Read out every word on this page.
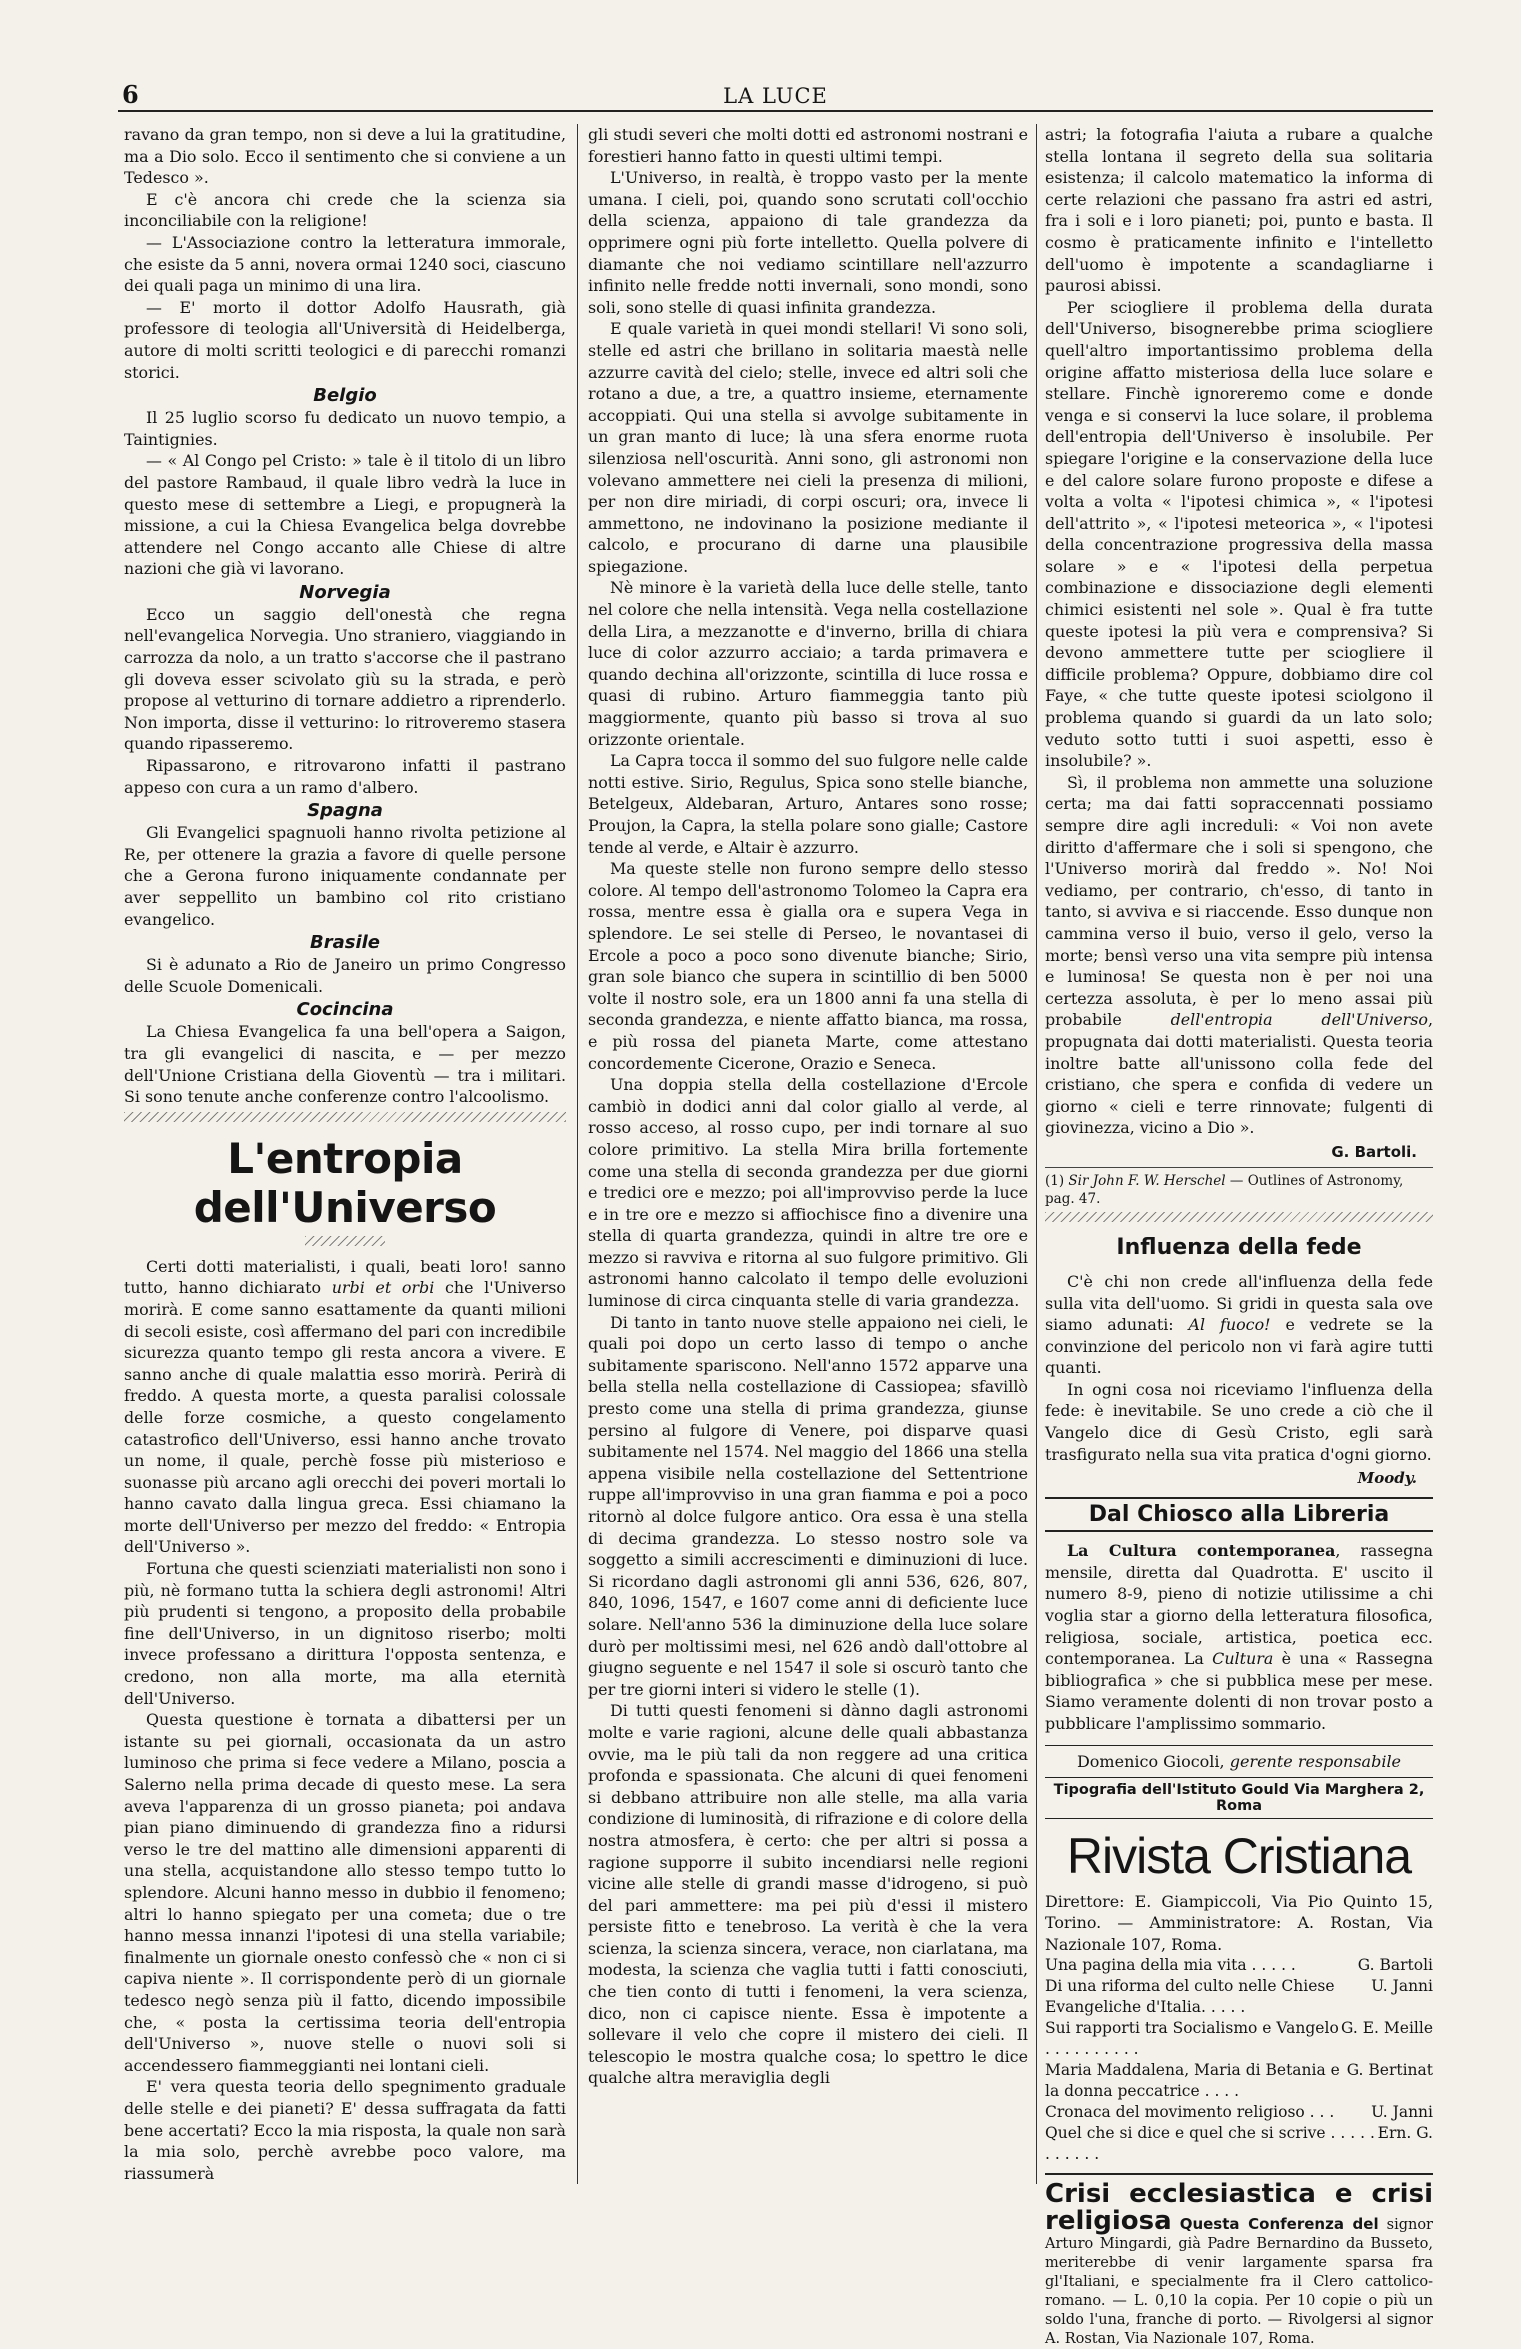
6	LA LUCE

ravano da gran tempo, non si deve a lui la gratitudine, ma a Dio solo. Ecco il sentimento che si conviene a un Tedesco ».

E c'è ancora chi crede che la scienza sia inconciliabile con la religione!

— L'Associazione contro la letteratura immorale, che esiste da 5 anni, novera ormai 1240 soci, ciascuno dei quali paga un minimo di una lira.

— E' morto il dottor Adolfo Hausrath, già professore di teologia all'Università di Heidelberga, autore di molti scritti teologici e di parecchi romanzi storici.

Belgio

Il 25 luglio scorso fu dedicato un nuovo tempio, a Taintignies.

— « Al Congo pel Cristo: » tale è il titolo di un libro del pastore Rambaud, il quale libro vedrà la luce in questo mese di settembre a Liegi, e propugnerà la missione, a cui la Chiesa Evangelica belga dovrebbe attendere nel Congo accanto alle Chiese di altre nazioni che già vi lavorano.

Norvegia

Ecco un saggio dell'onestà che regna nell'evangelica Norvegia. Uno straniero, viaggiando in carrozza da nolo, a un tratto s'accorse che il pastrano gli doveva esser scivolato giù su la strada, e però propose al vetturino di tornare addietro a riprenderlo. Non importa, disse il vetturino: lo ritroveremo stasera quando ripasseremo.

Ripassarono, e ritrovarono infatti il pastrano appeso con cura a un ramo d'albero.

Spagna

Gli Evangelici spagnuoli hanno rivolta petizione al Re, per ottenere la grazia a favore di quelle persone che a Gerona furono iniquamente condannate per aver seppellito un bambino col rito cristiano evangelico.

Brasile

Si è adunato a Rio de Janeiro un primo Congresso delle Scuole Domenicali.

Cocincina

La Chiesa Evangelica fa una bell'opera a Saigon, tra gli evangelici di nascita, e — per mezzo dell'Unione Cristiana della Gioventù — tra i militari. Si sono tenute anche conferenze contro l'alcoolismo.

L'entropia dell'Universo

Certi dotti materialisti, i quali, beati loro! sanno tutto, hanno dichiarato urbi et orbi che l'Universo morirà. E come sanno esattamente da quanti milioni di secoli esiste, così affermano del pari con incredibile sicurezza quanto tempo gli resta ancora a vivere. E sanno anche di quale malattia esso morirà. Perirà di freddo. A questa morte, a questa paralisi colossale delle forze cosmiche, a questo congelamento catastrofico dell'Universo, essi hanno anche trovato un nome, il quale, perchè fosse più misterioso e suonasse più arcano agli orecchi dei poveri mortali lo hanno cavato dalla lingua greca. Essi chiamano la morte dell'Universo per mezzo del freddo: « Entropia dell'Universo ».

Fortuna che questi scienziati materialisti non sono i più, nè formano tutta la schiera degli astronomi! Altri più prudenti si tengono, a proposito della probabile fine dell'Universo, in un dignitoso riserbo; molti invece professano a dirittura l'opposta sentenza, e credono, non alla morte, ma alla eternità dell'Universo.

Questa questione è tornata a dibattersi per un istante su pei giornali, occasionata da un astro luminoso che prima si fece vedere a Milano, poscia a Salerno nella prima decade di questo mese. La sera aveva l'apparenza di un grosso pianeta; poi andava pian piano diminuendo di grandezza fino a ridursi verso le tre del mattino alle dimensioni apparenti di una stella, acquistandone allo stesso tempo tutto lo splendore. Alcuni hanno messo in dubbio il fenomeno; altri lo hanno spiegato per una cometa; due o tre hanno messa innanzi l'ipotesi di una stella variabile; finalmente un giornale onesto confessò che « non ci si capiva niente ». Il corrispondente però di un giornale tedesco negò senza più il fatto, dicendo impossibile che, « posta la certissima teoria dell'entropia dell'Universo », nuove stelle o nuovi soli si accendessero fiammeggianti nei lontani cieli.

E' vera questa teoria dello spegnimento graduale delle stelle e dei pianeti? E' dessa suffragata da fatti bene accertati? Ecco la mia risposta, la quale non sarà la mia solo, perchè avrebbe poco valore, ma riassumerà

gli studi severi che molti dotti ed astronomi nostrani e forestieri hanno fatto in questi ultimi tempi.

L'Universo, in realtà, è troppo vasto per la mente umana. I cieli, poi, quando sono scrutati coll'occhio della scienza, appaiono di tale grandezza da opprimere ogni più forte intelletto. Quella polvere di diamante che noi vediamo scintillare nell'azzurro infinito nelle fredde notti invernali, sono mondi, sono soli, sono stelle di quasi infinita grandezza.

E quale varietà in quei mondi stellari! Vi sono soli, stelle ed astri che brillano in solitaria maestà nelle azzurre cavità del cielo; stelle, invece ed altri soli che rotano a due, a tre, a quattro insieme, eternamente accoppiati. Qui una stella si avvolge subitamente in un gran manto di luce; là una sfera enorme ruota silenziosa nell'oscurità. Anni sono, gli astronomi non volevano ammettere nei cieli la presenza di milioni, per non dire miriadi, di corpi oscuri; ora, invece li ammettono, ne indovinano la posizione mediante il calcolo, e procurano di darne una plausibile spiegazione.

Nè minore è la varietà della luce delle stelle, tanto nel colore che nella intensità. Vega nella costellazione della Lira, a mezzanotte e d'inverno, brilla di chiara luce di color azzurro acciaio; a tarda primavera e quando dechina all'orizzonte, scintilla di luce rossa e quasi di rubino. Arturo fiammeggia tanto più maggiormente, quanto più basso si trova al suo orizzonte orientale.

La Capra tocca il sommo del suo fulgore nelle calde notti estive. Sirio, Regulus, Spica sono stelle bianche, Betelgeux, Aldebaran, Arturo, Antares sono rosse; Proujon, la Capra, la stella polare sono gialle; Castore tende al verde, e Altair è azzurro.

Ma queste stelle non furono sempre dello stesso colore. Al tempo dell'astronomo Tolomeo la Capra era rossa, mentre essa è gialla ora e supera Vega in splendore. Le sei stelle di Perseo, le novantasei di Ercole a poco a poco sono divenute bianche; Sirio, gran sole bianco che supera in scintillio di ben 5000 volte il nostro sole, era un 1800 anni fa una stella di seconda grandezza, e niente affatto bianca, ma rossa, e più rossa del pianeta Marte, come attestano concordemente Cicerone, Orazio e Seneca.

Una doppia stella della costellazione d'Ercole cambiò in dodici anni dal color giallo al verde, al rosso acceso, al rosso cupo, per indi tornare al suo colore primitivo. La stella Mira brilla fortemente come una stella di seconda grandezza per due giorni e tredici ore e mezzo; poi all'improvviso perde la luce e in tre ore e mezzo si affiochisce fino a divenire una stella di quarta grandezza, quindi in altre tre ore e mezzo si ravviva e ritorna al suo fulgore primitivo. Gli astronomi hanno calcolato il tempo delle evoluzioni luminose di circa cinquanta stelle di varia grandezza.

Di tanto in tanto nuove stelle appaiono nei cieli, le quali poi dopo un certo lasso di tempo o anche subitamente spariscono. Nell'anno 1572 apparve una bella stella nella costellazione di Cassiopea; sfavillò presto come una stella di prima grandezza, giunse persino al fulgore di Venere, poi disparve quasi subitamente nel 1574. Nel maggio del 1866 una stella appena visibile nella costellazione del Settentrione ruppe all'improvviso in una gran fiamma e poi a poco ritornò al dolce fulgore antico. Ora essa è una stella di decima grandezza. Lo stesso nostro sole va soggetto a simili accrescimenti e diminuzioni di luce. Si ricordano dagli astronomi gli anni 536, 626, 807, 840, 1096, 1547, e 1607 come anni di deficiente luce solare. Nell'anno 536 la diminuzione della luce solare durò per moltissimi mesi, nel 626 andò dall'ottobre al giugno seguente e nel 1547 il sole si oscurò tanto che per tre giorni interi si videro le stelle (1).

Di tutti questi fenomeni si dànno dagli astronomi molte e varie ragioni, alcune delle quali abbastanza ovvie, ma le più tali da non reggere ad una critica profonda e spassionata. Che alcuni di quei fenomeni si debbano attribuire non alle stelle, ma alla varia condizione di luminosità, di rifrazione e di colore della nostra atmosfera, è certo: che per altri si possa a ragione supporre il subito incendiarsi nelle regioni vicine alle stelle di grandi masse d'idrogeno, si può del pari ammettere: ma pei più d'essi il mistero persiste fitto e tenebroso. La verità è che la vera scienza, la scienza sincera, verace, non ciarlatana, ma modesta, la scienza che vaglia tutti i fatti conosciuti, che tien conto di tutti i fenomeni, la vera scienza, dico, non ci capisce niente. Essa è impotente a sollevare il velo che copre il mistero dei cieli. Il telescopio le mostra qualche cosa; lo spettro le dice qualche altra meraviglia degli

astri; la fotografia l'aiuta a rubare a qualche stella lontana il segreto della sua solitaria esistenza; il calcolo matematico la informa di certe relazioni che passano fra astri ed astri, fra i soli e i loro pianeti; poi, punto e basta. Il cosmo è praticamente infinito e l'intelletto dell'uomo è impotente a scandagliarne i paurosi abissi.

Per sciogliere il problema della durata dell'Universo, bisognerebbe prima sciogliere quell'altro importantissimo problema della origine affatto misteriosa della luce solare e stellare. Finchè ignoreremo come e donde venga e si conservi la luce solare, il problema dell'entropia dell'Universo è insolubile. Per spiegare l'origine e la conservazione della luce e del calore solare furono proposte e difese a volta a volta « l'ipotesi chimica », « l'ipotesi dell'attrito », « l'ipotesi meteorica », « l'ipotesi della concentrazione progressiva della massa solare » e « l'ipotesi della perpetua combinazione e dissociazione degli elementi chimici esistenti nel sole ». Qual è fra tutte queste ipotesi la più vera e comprensiva? Si devono ammettere tutte per sciogliere il difficile problema? Oppure, dobbiamo dire col Faye, « che tutte queste ipotesi sciolgono il problema quando si guardi da un lato solo; veduto sotto tutti i suoi aspetti, esso è insolubile? ».

Sì, il problema non ammette una soluzione certa; ma dai fatti sopraccennati possiamo sempre dire agli increduli: « Voi non avete diritto d'affermare che i soli si spengono, che l'Universo morirà dal freddo ». No! Noi vediamo, per contrario, ch'esso, di tanto in tanto, si avviva e si riaccende. Esso dunque non cammina verso il buio, verso il gelo, verso la morte; bensì verso una vita sempre più intensa e luminosa! Se questa non è per noi una certezza assoluta, è per lo meno assai più probabile dell'entropia dell'Universo, propugnata dai dotti materialisti. Questa teoria inoltre batte all'unissono colla fede del cristiano, che spera e confida di vedere un giorno « cieli e terre rinnovate; fulgenti di giovinezza, vicino a Dio ».

G. Bartoli.
(1) Sir John F. W. Herschel — Outlines of Astronomy, pag. 47.
Influenza della fede

C'è chi non crede all'influenza della fede sulla vita dell'uomo. Si gridi in questa sala ove siamo adunati: Al fuoco! e vedrete se la convinzione del pericolo non vi farà agire tutti quanti.

In ogni cosa noi riceviamo l'influenza della fede: è inevitabile. Se uno crede a ciò che il Vangelo dice di Gesù Cristo, egli sarà trasfigurato nella sua vita pratica d'ogni giorno.

Moody.
Dal Chiosco alla Libreria

La Cultura contemporanea, rassegna mensile, diretta dal Quadrotta. E' uscito il numero 8-9, pieno di notizie utilissime a chi voglia star a giorno della letteratura filosofica, religiosa, sociale, artistica, poetica ecc. contemporanea. La Cultura è una « Rassegna bibliografica » che si pubblica mese per mese. Siamo veramente dolenti di non trovar posto a pubblicare l'amplissimo sommario.

Domenico Giocoli, gerente responsabile
Tipografia dell'Istituto Gould Via Marghera 2, Roma
Rivista Cristiana

Direttore: E. Giampiccoli, Via Pio Quinto 15, Torino. — Amministratore: A. Rostan, Via Nazionale 107, Roma.

Una pagina della mia vita . . . . .	G. Bartoli
Di una riforma del culto nelle Chiese Evangeliche d'Italia. . . . .
U. Janni
Sui rapporti tra Socialismo e Vangelo . . . . . . . . . .
G. E. Meille
Maria Maddalena, Maria di Betania e la donna peccatrice . . . .
G. Bertinat
Cronaca del movimento religioso . . .	U. Janni
Quel che si dice e quel che si scrive . . . . . . . . . . .
Ern. G.
Crisi ecclesiastica e crisi religiosa Questa Conferenza del signor Arturo Mingardi, già Padre Bernardino da Busseto, meriterebbe di venir largamente sparsa fra gl'Italiani, e specialmente fra il Clero cattolico-romano. — L. 0,10 la copia. Per 10 copie o più un soldo l'una, franche di porto. — Rivolgersi al signor A. Rostan, Via Nazionale 107, Roma.
